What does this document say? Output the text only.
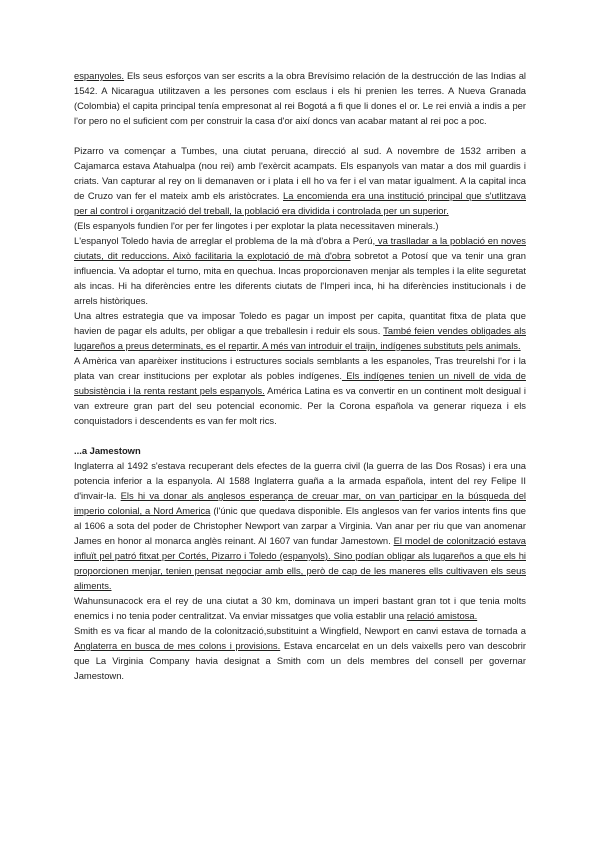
espanyoles. Els seus esforços van ser escrits a la obra Brevísimo relación de la destrucción de las Indias al 1542. A Nicaragua utilitzaven a les persones com esclaus i els hi prenien les terres. A Nueva Granada (Colombia) el capita principal tenía empresonat al rei Bogotá a fi que li dones el or. Le rei envià a indis a per l'or pero no el suficient com per construir la casa d'or així doncs van acabar matant al rei poc a poc.

Pizarro va començar a Tumbes, una ciutat peruana, direcció al sud. A novembre de 1532 arriben a Cajamarca estava Atahualpa (nou rei) amb l'exèrcit acampats. Els espanyols van matar a dos mil guardis i criats. Van capturar al rey on li demanaven or i plata i ell ho va fer i el van matar igualment. A la capital inca de Cruzo van fer el mateix amb els aristòcrates. La encomienda era una institució principal que s'utlitzava per al control i organització del treball, la població era dividida i controlada per un superior.

(Els espanyols fundien l'or per fer lingotes i per explotar la plata necessitaven minerals.)

L'espanyol Toledo havia de arreglar el problema de la mà d'obra a Perú, va traslladar a la població en noves ciutats, dit reduccions. Això facilitaria la explotació de mà d'obra sobretot a Potosí que va tenir una gran influencia. Va adoptar el turno, mita en quechua. Incas proporcionaven menjar als temples i la elite seguretat als incas. Hi ha diferències entre les diferents ciutats de l'Imperi inca, hi ha diferències institucionals i de arrels històriques.

Una altres estrategia que va imposar Toledo es pagar un impost per capita, quantitat fitxa de plata que havien de pagar els adults, per obligar a que treballesin i reduir els sous. També feien vendes obligades als lugareños a preus determinats, es el repartir. A més van introduir el traijn, indígenes substituts pels animals.

A Amèrica van aparèixer institucions i estructures socials semblants a les espanoles, Tras treurelshi l'or i la plata van crear institucions per explotar als pobles indígenes. Els indígenes tenien un nivell de vida de subsistència i la renta restant pels espanyols. América Latina es va convertir en un continent molt desigual i van extreure gran part del seu potencial economic. Per la Corona española va generar riqueza i els conquistadors i descendents es van fer molt rics.

...a Jamestown

Inglaterra al 1492 s'estava recuperant dels efectes de la guerra civil (la guerra de las Dos Rosas) i era una potencia inferior a la espanyola. Al 1588 Inglaterra guaña a la armada española, intent del rey Felipe II d'invair-la. Els hi va donar als anglesos esperança de creuar mar, on van participar en la búsqueda del imperio colonial, a Nord America (l'únic que quedava disponible. Els anglesos van fer varios intents fins que al 1606 a sota del poder de Christopher Newport van zarpar a Virginia. Van anar per riu que van anomenar James en honor al monarca anglès reinant. Al 1607 van fundar Jamestown. El model de colonització estava influït pel patró fitxat per Cortés, Pizarro i Toledo (espanyols). Sino podían obligar als lugareños a que els hi proporcionen menjar, tenien pensat negociar amb ells, però de cap de les maneres ells cultivaven els seus aliments.

Wahunsunacock era el rey de una ciutat a 30 km, dominava un imperi bastant gran tot i que tenia molts enemics i no tenia poder centralitzat. Va enviar missatges que volia establir una relació amistosa.

Smith es va ficar al mando de la colonització,substituint a Wingfield, Newport en canvi estava de tornada a Anglaterra en busca de mes colons i provisions. Estava encarcelat en un dels vaixells pero van descobrir que La Virginia Company havia designat a Smith com un dels membres del consell per governar Jamestown.
